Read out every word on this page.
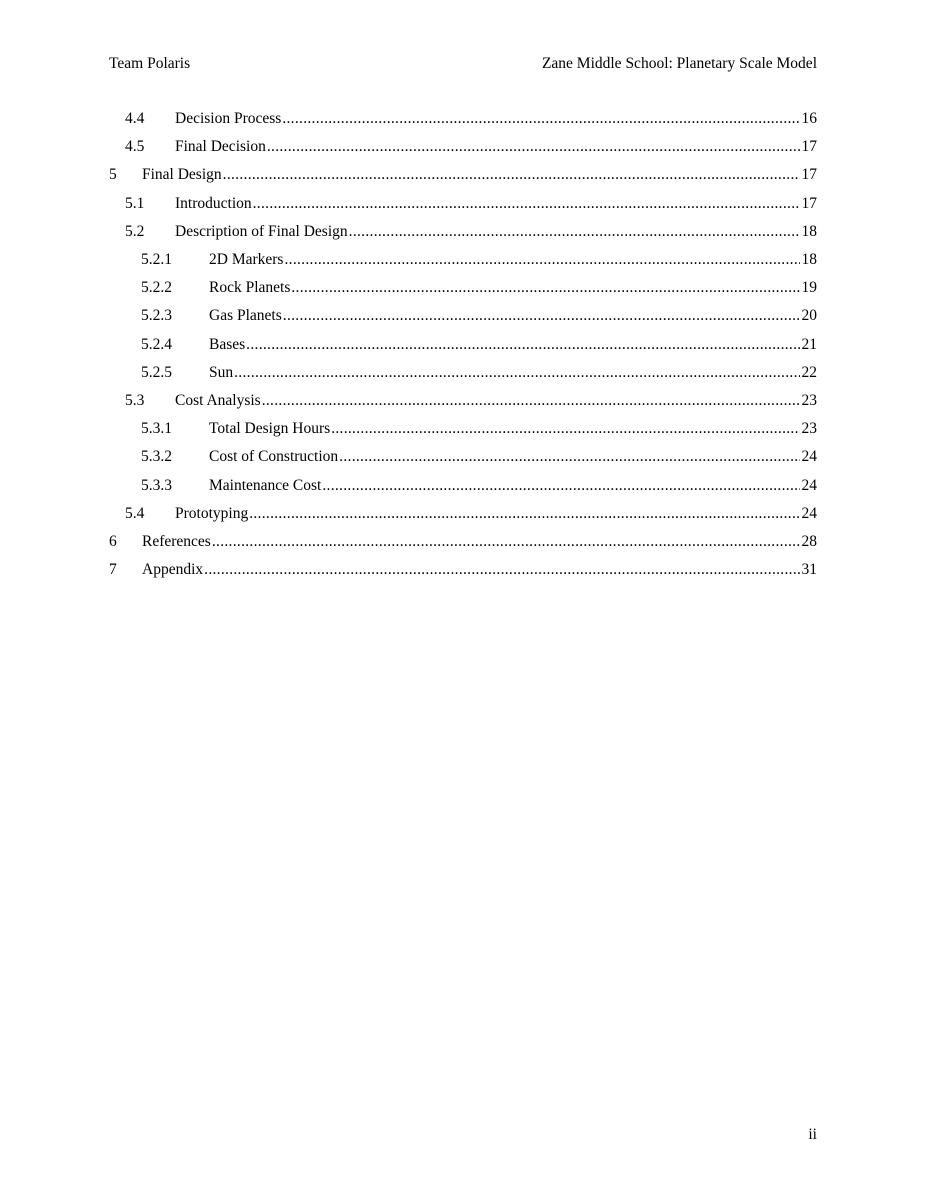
Team Polaris	Zane Middle School: Planetary Scale Model
4.4	Decision Process .....	16
4.5	Final Decision .....	17
5	Final Design .....	17
5.1	Introduction .....	17
5.2	Description of Final Design .....	18
5.2.1	2D Markers .....	18
5.2.2	Rock Planets .....	19
5.2.3	Gas Planets .....	20
5.2.4	Bases .....	21
5.2.5	Sun .....	22
5.3	Cost Analysis .....	23
5.3.1	Total Design Hours .....	23
5.3.2	Cost of Construction .....	24
5.3.3	Maintenance Cost .....	24
5.4	Prototyping .....	24
6	References .....	28
7	Appendix .....	31
ii
